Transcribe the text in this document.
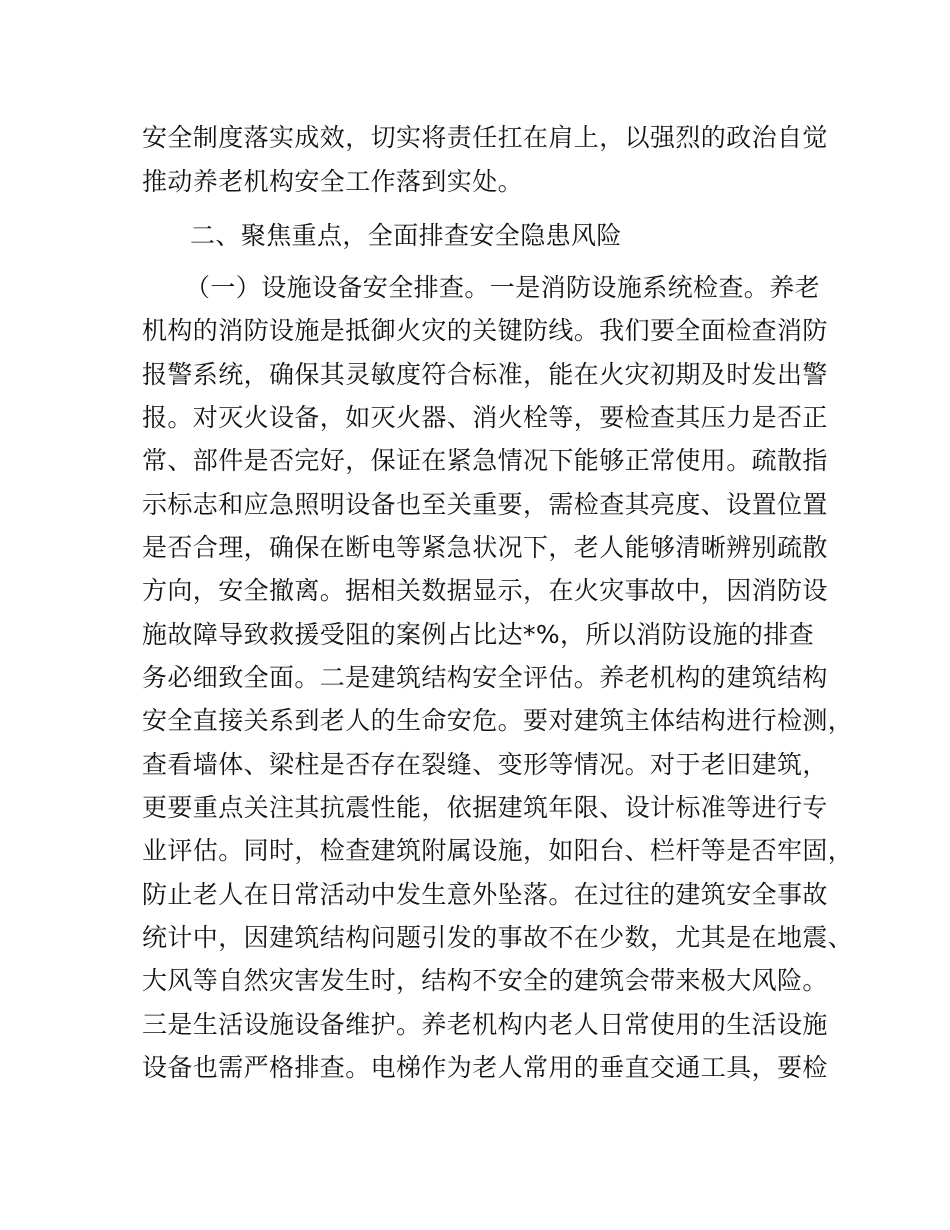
安全制度落实成效，切实将责任扛在肩上，以强烈的政治自觉
推动养老机构安全工作落到实处。
二、聚焦重点，全面排查安全隐患风险
（一）设施设备安全排查。一是消防设施系统检查。养老
机构的消防设施是抵御火灾的关键防线。我们要全面检查消防
报警系统，确保其灵敏度符合标准，能在火灾初期及时发出警
报。对灭火设备，如灭火器、消火栓等，要检查其压力是否正
常、部件是否完好，保证在紧急情况下能够正常使用。疏散指
示标志和应急照明设备也至关重要，需检查其亮度、设置位置
是否合理，确保在断电等紧急状况下，老人能够清晰辨别疏散
方向，安全撤离。据相关数据显示，在火灾事故中，因消防设
施故障导致救援受阻的案例占比达*%，所以消防设施的排查
务必细致全面。二是建筑结构安全评估。养老机构的建筑结构
安全直接关系到老人的生命安危。要对建筑主体结构进行检测，
查看墙体、梁柱是否存在裂缝、变形等情况。对于老旧建筑，
更要重点关注其抗震性能，依据建筑年限、设计标准等进行专
业评估。同时，检查建筑附属设施，如阳台、栏杆等是否牢固，
防止老人在日常活动中发生意外坠落。在过往的建筑安全事故
统计中，因建筑结构问题引发的事故不在少数，尤其是在地震、
大风等自然灾害发生时，结构不安全的建筑会带来极大风险。
三是生活设施设备维护。养老机构内老人日常使用的生活设施
设备也需严格排查。电梯作为老人常用的垂直交通工具，要检
